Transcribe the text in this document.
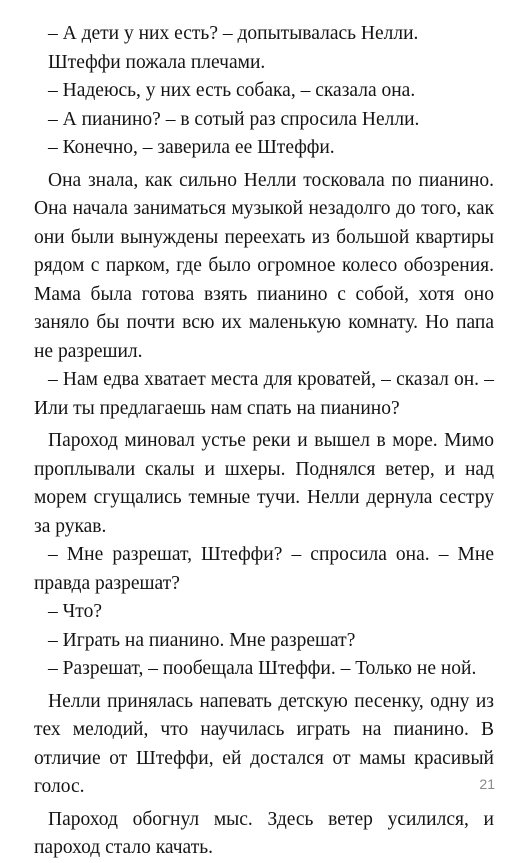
– А дети у них есть? – допытывалась Нелли.

Штеффи пожала плечами.

– Надеюсь, у них есть собака, – сказала она.

– А пианино? – в сотый раз спросила Нелли.

– Конечно, – заверила ее Штеффи.

Она знала, как сильно Нелли тосковала по пианино. Она начала заниматься музыкой незадолго до того, как они были вынуждены переехать из большой квартиры рядом с парком, где было огромное колесо обозрения. Мама была готова взять пианино с собой, хотя оно заняло бы почти всю их маленькую комнату. Но папа не разрешил.

– Нам едва хватает места для кроватей, – сказал он. – Или ты предлагаешь нам спать на пианино?

Пароход миновал устье реки и вышел в море. Мимо проплывали скалы и шхеры. Поднялся ветер, и над морем сгущались темные тучи. Нелли дернула сестру за рукав.

– Мне разрешат, Штеффи? – спросила она. – Мне правда разрешат?

– Что?

– Играть на пианино. Мне разрешат?

– Разрешат, – пообещала Штеффи. – Только не ной.

Нелли принялась напевать детскую песенку, одну из тех мелодий, что научилась играть на пианино. В отличие от Штеффи, ей достался от мамы красивый голос.

Пароход обогнул мыс. Здесь ветер усилился, и пароход стало качать.

21
